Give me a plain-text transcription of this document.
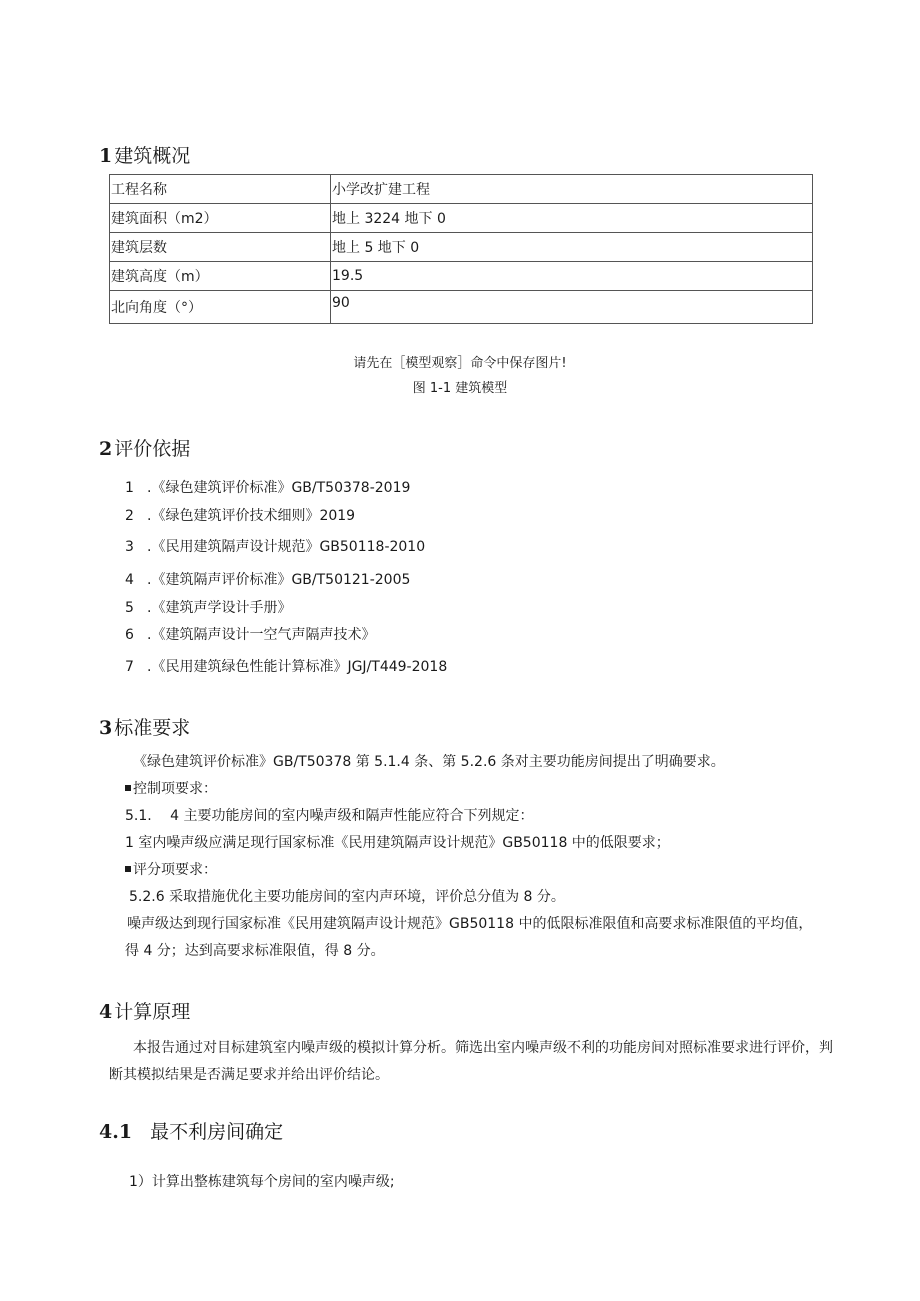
1 建筑概况
工程名称	小学改扩建工程
建筑面积（m2）	地上 3224 地下 0
建筑层数	地上 5 地下 0
建筑高度（m）	19.5
北向角度（°）	90
请先在［模型观察］命令中保存图片!
图 1-1 建筑模型
2 评价依据
1 .《绿色建筑评价标准》GB/T50378-2019
2 .《绿色建筑评价技术细则》2019
3 .《民用建筑隔声设计规范》GB50118-2010
4 .《建筑隔声评价标准》GB/T50121-2005
5 .《建筑声学设计手册》
6 .《建筑隔声设计一空气声隔声技术》
7 .《民用建筑绿色性能计算标准》JGJ/T449-2018
3 标准要求
《绿色建筑评价标准》GB/T50378 第 5.1.4 条、第 5.2.6 条对主要功能房间提出了明确要求。
控制项要求：
5.1.　 4 主要功能房间的室内噪声级和隔声性能应符合下列规定：
1 室内噪声级应满足现行国家标准《民用建筑隔声设计规范》GB50118 中的低限要求；
评分项要求：
5.2.6 采取措施优化主要功能房间的室内声环境，评价总分值为 8 分。
噪声级达到现行国家标准《民用建筑隔声设计规范》GB50118 中的低限标准限值和高要求标准限值的平均值，
得 4 分；达到高要求标准限值，得 8 分。
4 计算原理
本报告通过对目标建筑室内噪声级的模拟计算分析。筛选出室内噪声级不利的功能房间对照标准要求进行评价，判
断其模拟结果是否满足要求并给出评价结论。
4.1 最不利房间确定
1）计算出整栋建筑每个房间的室内噪声级;
